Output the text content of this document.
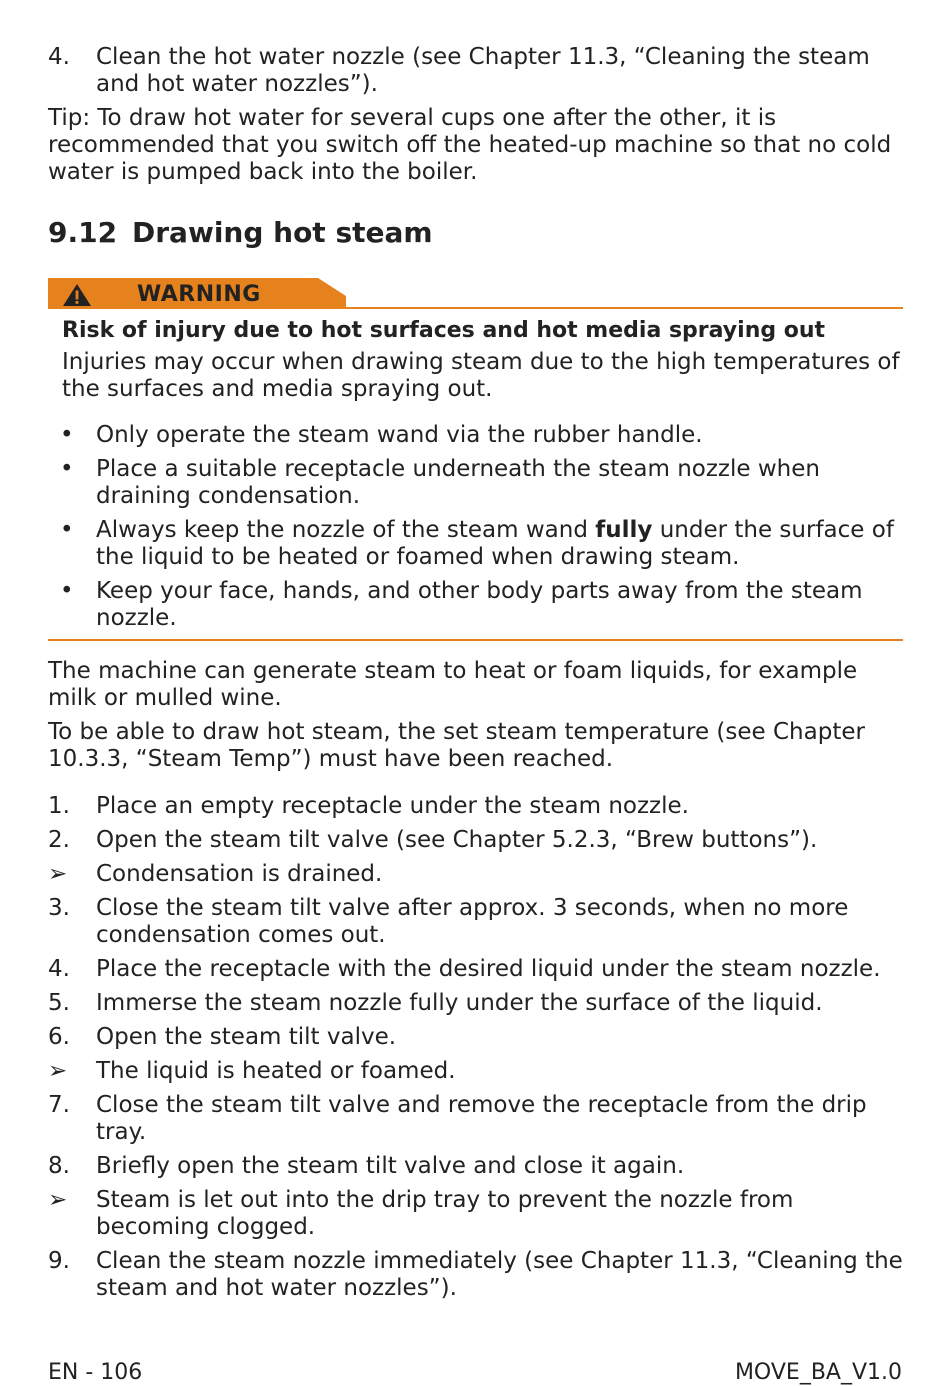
4.	Clean the hot water nozzle (see Chapter 11.3, “Cleaning the steam and hot water nozzles”).

Tip: To draw hot water for several cups one after the other, it is recommended that you switch off the heated-up machine so that no cold water is pumped back into the boiler.

9.12 Drawing hot steam
WARNING
Risk of injury due to hot surfaces and hot media spraying out
Injuries may occur when drawing steam due to the high temperatures of the surfaces and media spraying out.
• Only operate the steam wand via the rubber handle.
• Place a suitable receptacle underneath the steam nozzle when draining condensation.
• Always keep the nozzle of the steam wand fully under the surface of the liquid to be heated or foamed when drawing steam.
• Keep your face, hands, and other body parts away from the steam nozzle.

The machine can generate steam to heat or foam liquids, for example milk or mulled wine.

To be able to draw hot steam, the set steam temperature (see Chapter 10.3.3, “Steam Temp”) must have been reached.

1.	Place an empty receptacle under the steam nozzle.
2.	Open the steam tilt valve (see Chapter 5.2.3, “Brew buttons”).
➢	Condensation is drained.
3.	Close the steam tilt valve after approx. 3 seconds, when no more condensation comes out.
4.	Place the receptacle with the desired liquid under the steam nozzle.
5.	Immerse the steam nozzle fully under the surface of the liquid.
6.	Open the steam tilt valve.
➢	The liquid is heated or foamed.
7.	Close the steam tilt valve and remove the receptacle from the drip tray.
8.	Briefly open the steam tilt valve and close it again.
➢	Steam is let out into the drip tray to prevent the nozzle from becoming clogged.
9.	Clean the steam nozzle immediately (see Chapter 11.3, “Cleaning the steam and hot water nozzles”).
EN - 106	MOVE_BA_V1.0
